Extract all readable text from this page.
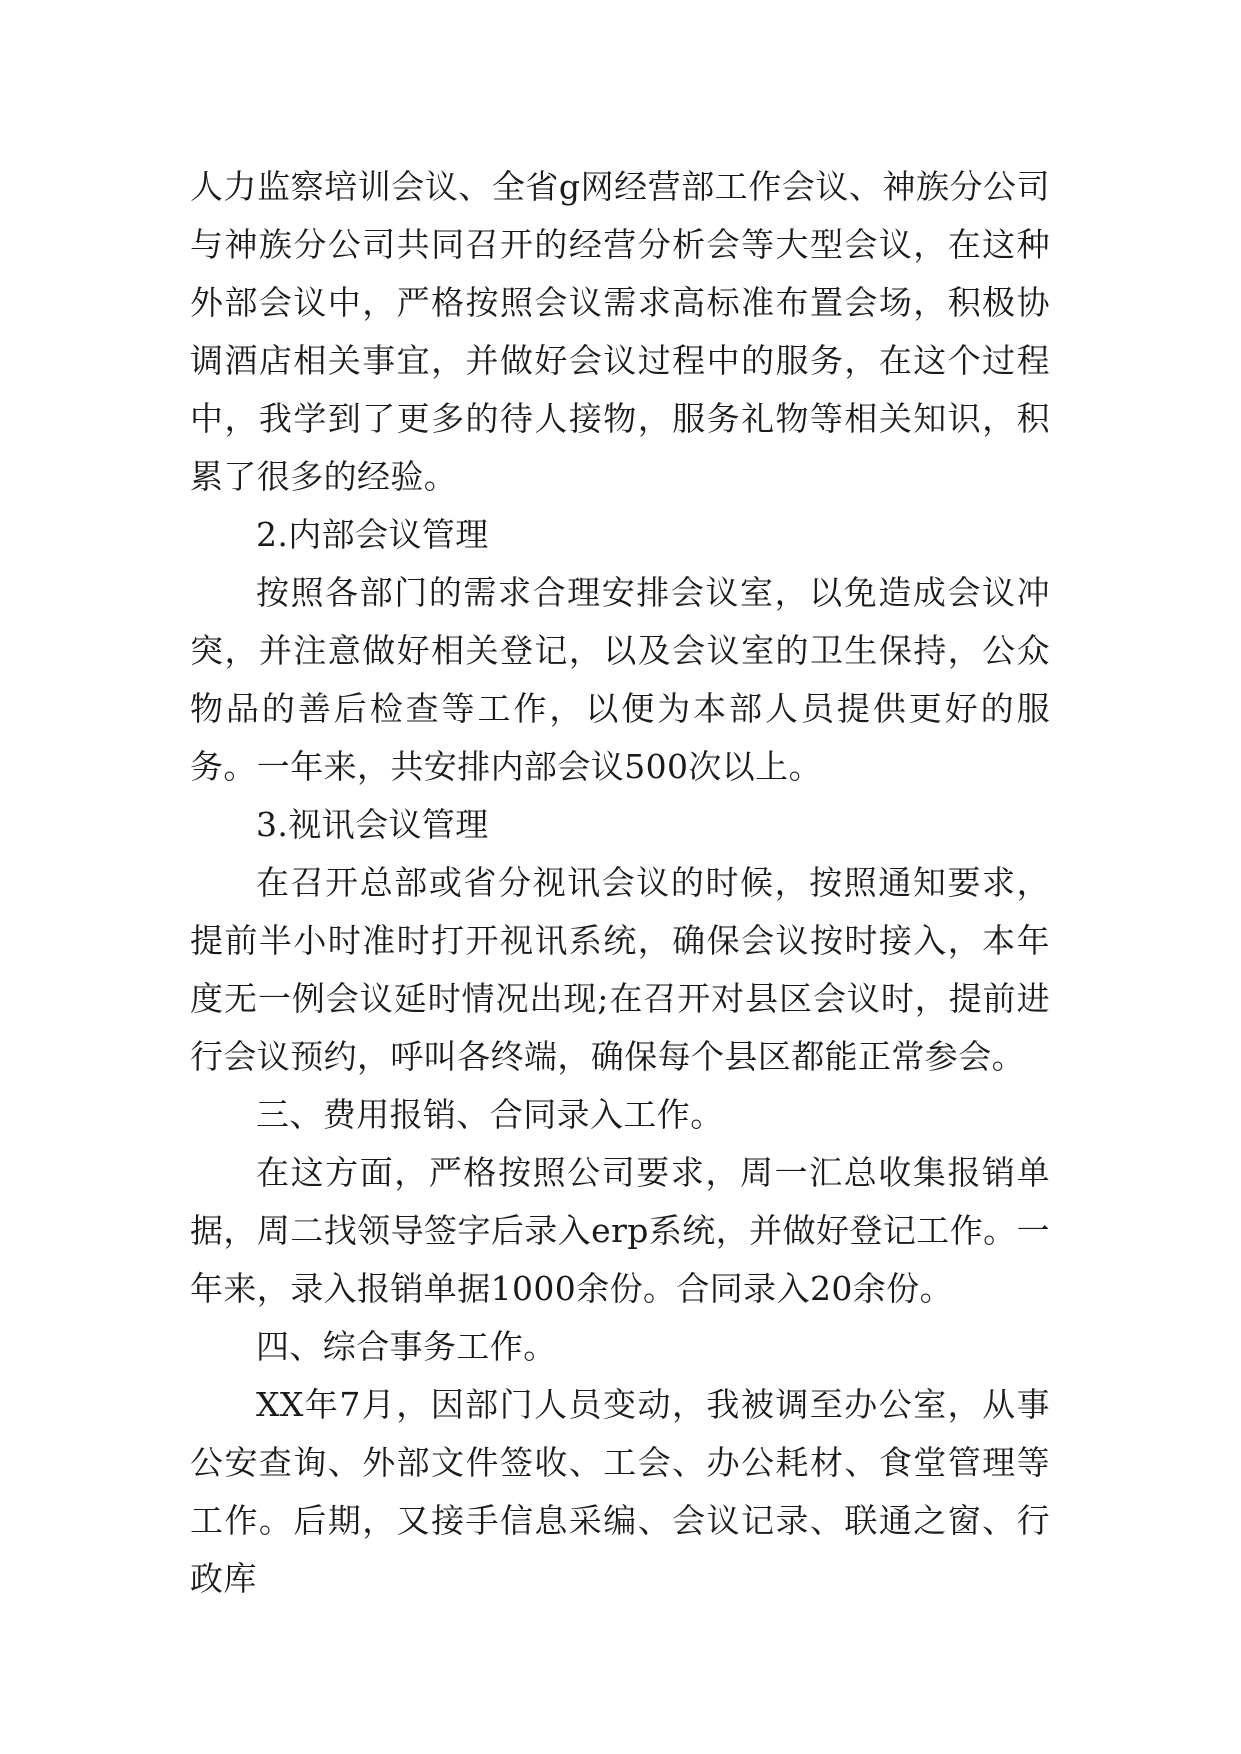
人力监察培训会议、全省g网经营部工作会议、神族分公司与神族分公司共同召开的经营分析会等大型会议，在这种外部会议中，严格按照会议需求高标准布置会场，积极协调酒店相关事宜，并做好会议过程中的服务，在这个过程中，我学到了更多的待人接物，服务礼物等相关知识，积累了很多的经验。

2.内部会议管理

按照各部门的需求合理安排会议室，以免造成会议冲突，并注意做好相关登记，以及会议室的卫生保持，公众物品的善后检查等工作，以便为本部人员提供更好的服务。一年来，共安排内部会议500次以上。

3.视讯会议管理

在召开总部或省分视讯会议的时候，按照通知要求，提前半小时准时打开视讯系统，确保会议按时接入，本年度无一例会议延时情况出现;在召开对县区会议时，提前进行会议预约，呼叫各终端，确保每个县区都能正常参会。

三、费用报销、合同录入工作。

在这方面，严格按照公司要求，周一汇总收集报销单据，周二找领导签字后录入erp系统，并做好登记工作。一年来，录入报销单据1000余份。合同录入20余份。

四、综合事务工作。

XX年7月，因部门人员变动，我被调至办公室，从事公安查询、外部文件签收、工会、办公耗材、食堂管理等工作。后期，又接手信息采编、会议记录、联通之窗、行政库
